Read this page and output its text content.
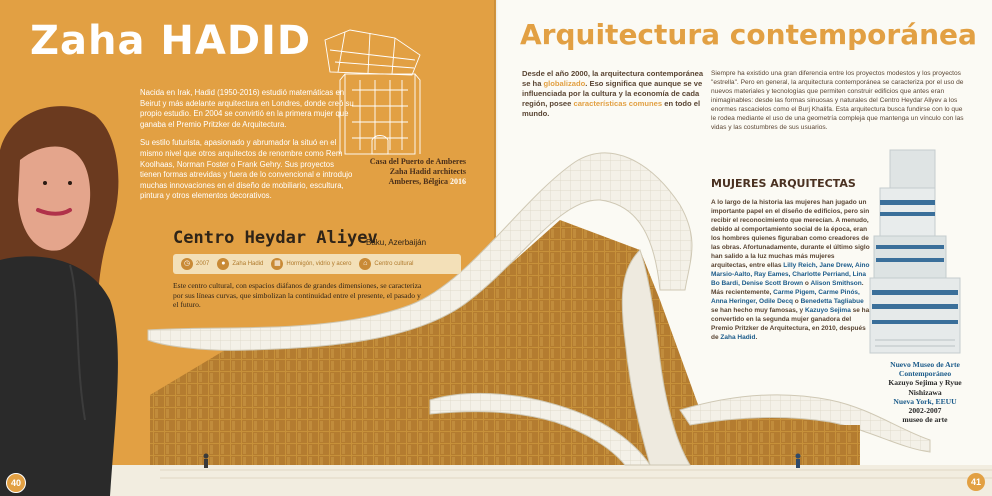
Zaha HADID

Nacida en Irak, Hadid (1950-2016) estudió matemáticas en Beirut y más adelante arquitectura en Londres, donde creó su propio estudio. En 2004 se convirtió en la primera mujer que ganaba el Premio Pritzker de Arquitectura.

Su estilo futurista, apasionado y abrumador la situó en el mismo nivel que otros arquitectos de renombre como Rem Koolhaas, Norman Foster o Frank Gehry. Sus proyectos tienen formas atrevidas y fuera de lo convencional e introdujo muchas innovaciones en el diseño de mobiliario, escultura, pintura y otros elementos decorativos.

Casa del Puerto de Amberes
Zaha Hadid architects
Amberes, Bélgica 2016
Centro Heydar Aliyev
Baku, Azerbaiján
◷ 2007	●	Zaha Hadid	▦ Hormigón, vidrio y acero	⌂	Centro cultural
Este centro cultural, con espacios diáfanos de grandes dimensiones, se caracteriza por sus líneas curvas, que simbolizan la continuidad entre el presente, el pasado y el futuro.
Arquitectura contemporánea
Desde el año 2000, la arquitectura contemporánea se ha globalizado. Eso significa que aunque se ve influenciada por la cultura y la economía de cada región, posee características comunes en todo el mundo.
Siempre ha existido una gran diferencia entre los proyectos modestos y los proyectos "estrella". Pero en general, la arquitectura contemporánea se caracteriza por el uso de nuevos materiales y tecnologías que permiten construir edificios que antes eran inimaginables: desde las formas sinuosas y naturales del Centro Heydar Aliyev a los enormes rascacielos como el Burj Khalifa. Esta arquitectura busca fundirse con lo que le rodea mediante el uso de una geometría compleja que mantenga un vínculo con las vidas y las costumbres de sus usuarios.
MUJERES ARQUITECTAS
A lo largo de la historia las mujeres han jugado un importante papel en el diseño de edificios, pero sin recibir el reconocimiento que merecían. A menudo, debido al comportamiento social de la época, eran los hombres quienes figuraban como creadores de las obras. Afortunadamente, durante el último siglo han salido a la luz muchas más mujeres arquitectas, entre ellas Lilly Reich, Jane Drew, Aino Marsio-Aalto, Ray Eames, Charlotte Perriand, Lina Bo Bardi, Denise Scott Brown o Alison Smithson. Más recientemente, Carme Pigem, Carme Pinós, Anna Heringer, Odile Decq o Benedetta Tagliabue se han hecho muy famosas, y Kazuyo Sejima se ha convertido en la segunda mujer ganadora del Premio Pritzker de Arquitectura, en 2010, después de Zaha Hadid.
Nuevo Museo de Arte
Contemporáneo
Kazuyo Sejima y Ryue
Nishizawa
Nueva York, EEUU
2002-2007
museo de arte
40	41
